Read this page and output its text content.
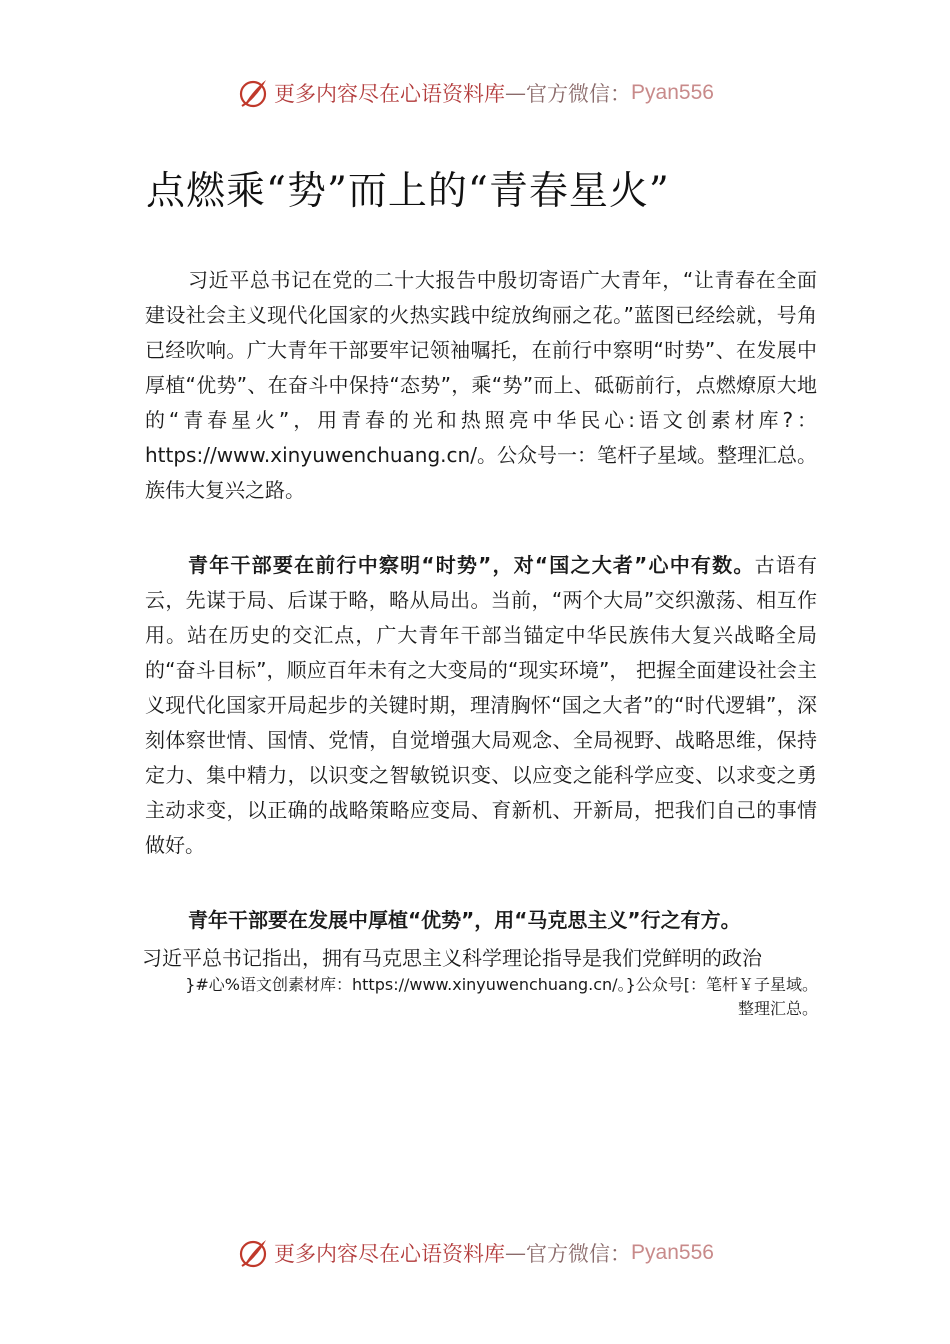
更多内容尽在心语资料库 — 官方微信： Pyan556
点燃乘“势”而上的“青春星火”

习近平总书记在党的二十大报告中殷切寄语广大青年，“让青春在全面建设社会主义现代化国家的火热实践中绽放绚丽之花。”蓝图已经绘就，号角已经吹响。广大青年干部要牢记领袖嘱托，在前行中察明“时势”、在发展中厚植“优势”、在奋斗中保持“态势”，乘“势”而上、砥砺前行，点燃燎原大地的“青春星火”，用青春的光和热照亮中华民心:语文创素材库?：https://www.xinyuwenchuang.cn/。公众号一：笔杆子星域。整理汇总。族伟大复兴之路。

青年干部要在前行中察明“时势”，对“国之大者”心中有数。古语有云，先谋于局、后谋于略，略从局出。当前，“两个大局”交织激荡、相互作用。站在历史的交汇点，广大青年干部当锚定中华民族伟大复兴战略全局的“奋斗目标”，顺应百年未有之大变局的“现实环境”， 把握全面建设社会主义现代化国家开局起步的关键时期，理清胸怀“国之大者”的“时代逻辑”，深刻体察世情、国情、党情，自觉增强大局观念、全局视野、战略思维，保持定力、集中精力，以识变之智敏锐识变、以应变之能科学应变、以求变之勇主动求变，以正确的战略策略应变局、育新机、开新局，把我们自己的事情做好。

青年干部要在发展中厚植“优势”，用“马克思主义”行之有方。

习近平总书记指出，拥有马克思主义科学理论指导是我们党鲜明的政治

}#心%语文创素材库：https://www.xinyuwenchuang.cn/。}公众号[：笔杆￥子星域。
整理汇总。
更多内容尽在心语资料库 — 官方微信： Pyan556
